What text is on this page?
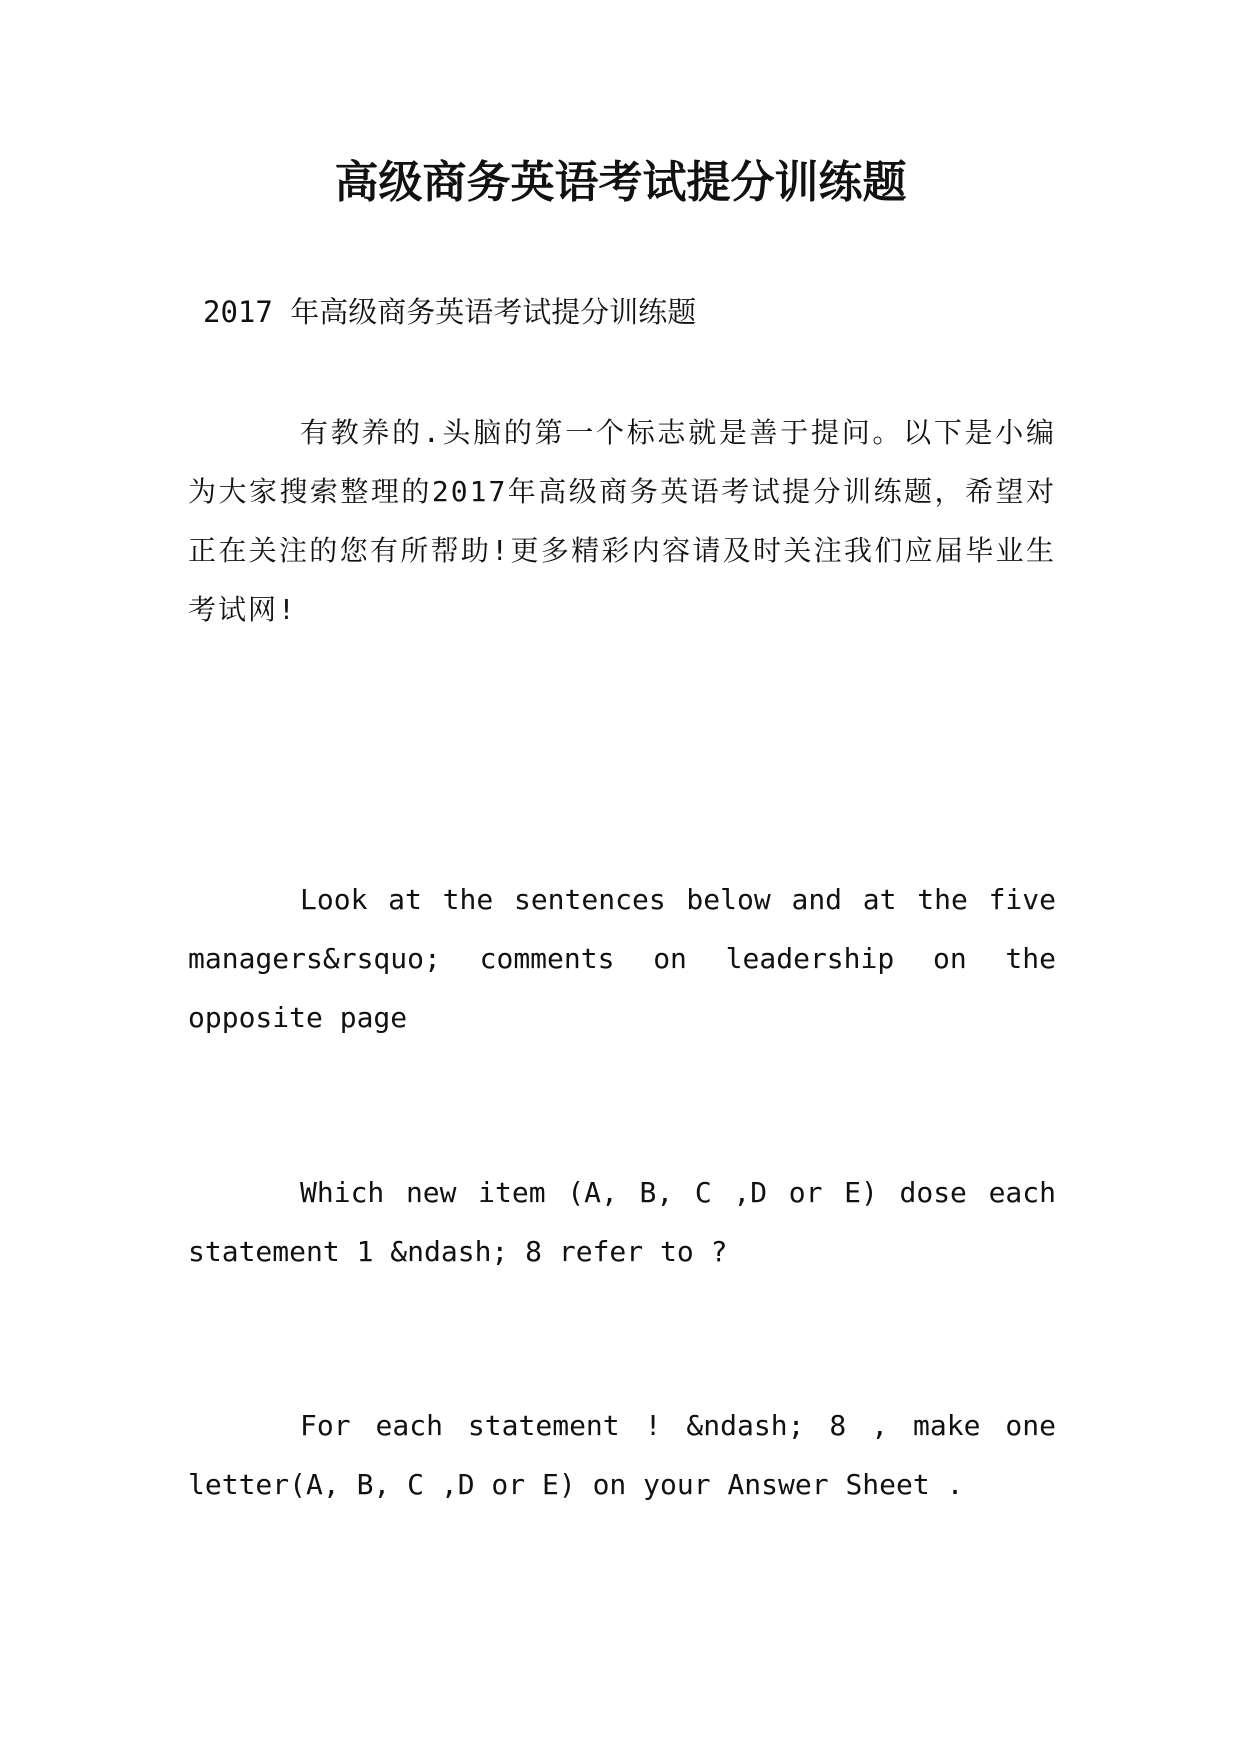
高级商务英语考试提分训练题

2017 年高级商务英语考试提分训练题

有教养的.头脑的第一个标志就是善于提问。以下是小编为大家搜索整理的2017年高级商务英语考试提分训练题，希望对正在关注的您有所帮助!更多精彩内容请及时关注我们应届毕业生考试网!

Look at the sentences below and at the five managers&rsquo; comments on leadership on the opposite page

Which new item (A, B, C ,D or E) dose each statement 1 &ndash; 8 refer to ?

For each statement ! &ndash; 8 , make one letter(A, B, C ,D or E) on your Answer Sheet .
